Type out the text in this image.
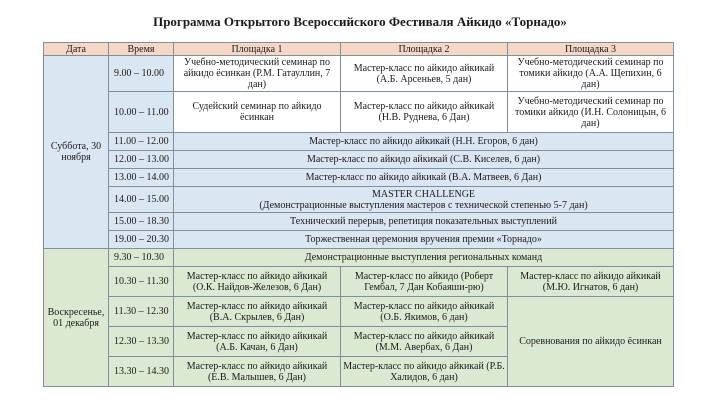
Программа Открытого Всероссийского Фестиваля Айкидо «Торнадо»
Дата	Время	Площадка 1	Площадка 2	Площадка 3
Суббота, 30 ноября	9.00 – 10.00	Учебно-методический семинар по айкидо ёсинкан (Р.М. Гатауллин, 7 дан)	Мастер-класс по айкидо айкикай (А.Б. Арсеньев, 5 дан)	Учебно-методический семинар по томики айкидо (А.А. Щепихин, 6 дан)
	10.00 – 11.00	Судейский семинар по айкидо ёсинкан	Мастер-класс по айкидо айкикай (Н.В. Руднева, 6 Дан)	Учебно-методический семинар по томики айкидо (И.Н. Солоницын, 6 дан)
	11.00 – 12.00	Мастер-класс по айкидо айкикай (Н.Н. Егоров, 6 дан)		
	12.00 – 13.00	Мастер-класс по айкидо айкикай (С.В. Киселев, 6 дан)		
	13.00 – 14.00	Мастер-класс по айкидо айкикай (В.А. Матвеев, 6 Дан)		
	14.00 – 15.00	MASTER CHALLENGE
(Демонстрационные выступления мастеров с технической степенью 5-7 дан)		
	15.00 – 18.30	Технический перерыв, репетиция показательных выступлений		
	19.00 – 20.30	Торжественная церемония вручения премии «Торнадо»		
Воскресенье, 01 декабря	9.30 – 10.30	Демонстрационные выступления региональных команд		
	10.30 – 11.30	Мастер-класс по айкидо айкикай (О.К. Найдов-Железов, 6 Дан)	Мастер-класс по айкидо (Роберт Гембал, 7 Дан Кобаяши-рю)	Мастер-класс по айкидо айкикай (М.Ю. Игнатов, 6 дан)
	11.30 – 12.30	Мастер-класс по айкидо айкикай (В.А. Скрылев, 6 Дан)	Мастер-класс по айкидо айкикай (О.Б. Якимов, 6 дан)	Соревнования по айкидо ёсинкан
	12.30 – 13.30	Мастер-класс по айкидо айкикай (А.Б. Качан, 6 Дан)	Мастер-класс по айкидо айкикай (М.М. Авербах, 6 Дан)	
	13.30 – 14.30	Мастер-класс по айкидо айкикай (Е.В. Малышев, 6 Дан)	Мастер-класс по айкидо айкикай (Р.Б. Халидов, 6 дан)	
